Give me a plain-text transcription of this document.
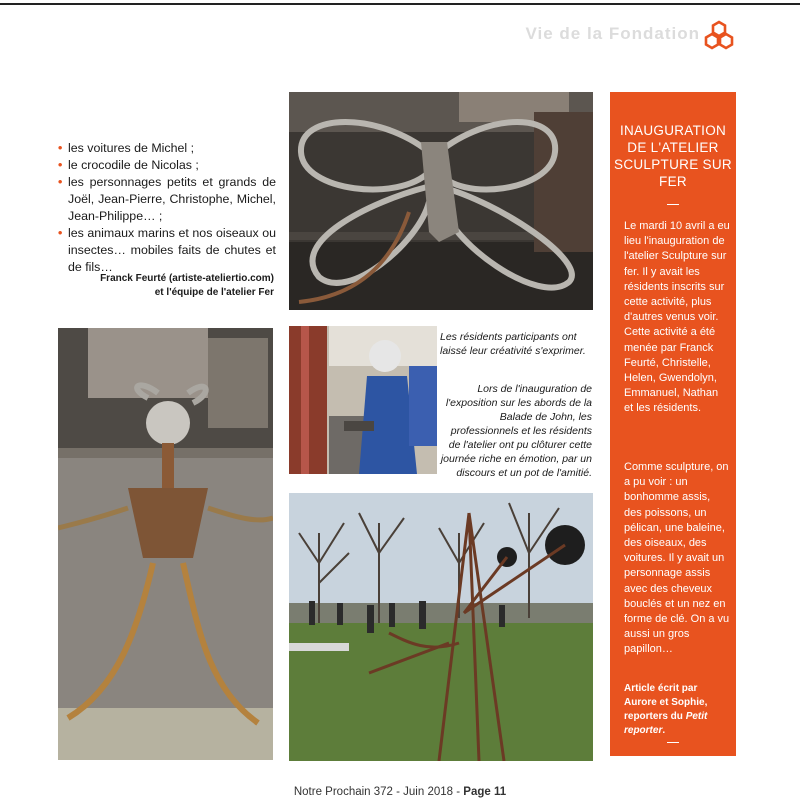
Vie de la Fondation
• les voitures de Michel ;
• le crocodile de Nicolas ;
• les personnages petits et grands de Joël, Jean-Pierre, Christophe, Michel, Jean-Philippe… ;
• les animaux marins et nos oiseaux ou insectes… mobiles faits de chutes et de fils…
Franck Feurté (artiste-ateliertio.com)
et l'équipe de l'atelier Fer
Les résidents participants ont laissé leur créativité s'exprimer.
Lors de l'inauguration de l'exposition sur les abords de la Balade de John, les professionnels et les résidents de l'atelier ont pu clôturer cette journée riche en émotion, par un discours et un pot de l'amitié.
INAUGURATION DE L'ATELIER SCULPTURE SUR FER
Le mardi 10 avril a eu lieu l'inauguration de l'atelier Sculpture sur fer. Il y avait les résidents inscrits sur cette activité, plus d'autres venus voir. Cette activité a été menée par Franck Feurté, Christelle, Helen, Gwendolyn, Emmanuel, Nathan et les résidents.
Comme sculpture, on a pu voir : un bonhomme assis, des poissons, un pélican, une baleine, des oiseaux, des voitures. Il y avait un personnage assis avec des cheveux bouclés et un nez en forme de clé. On a vu aussi un gros papillon…
Article écrit par Aurore et Sophie, reporters du Petit reporter.
Notre Prochain 372 - Juin 2018 - Page 11
